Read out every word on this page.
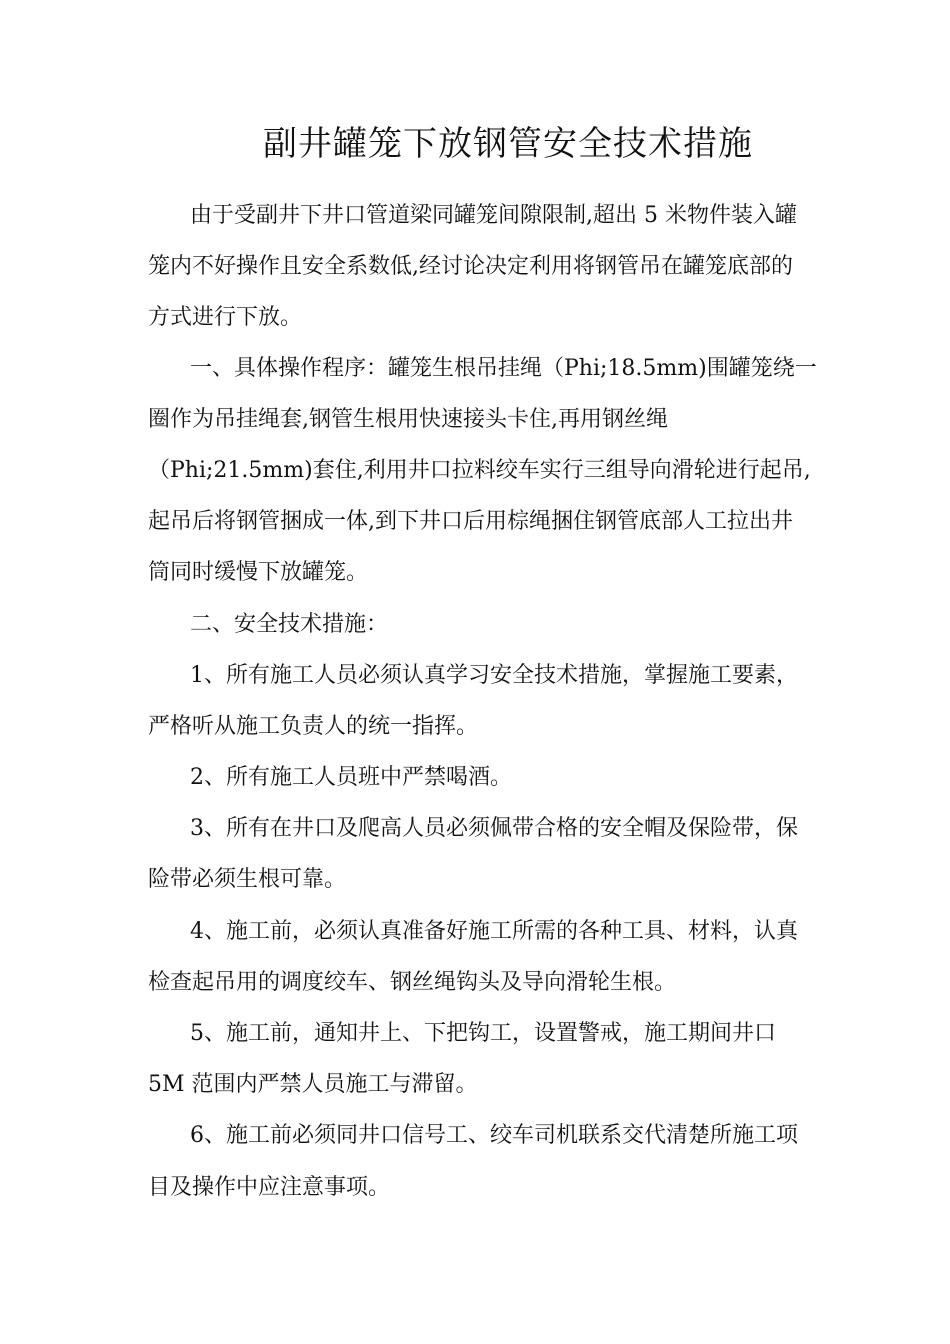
副井罐笼下放钢管安全技术措施
由于受副井下井口管道梁同罐笼间隙限制,超出 5 米物件装入罐
笼内不好操作且安全系数低,经讨论决定利用将钢管吊在罐笼底部的
方式进行下放。
一、具体操作程序：罐笼生根吊挂绳（Phi;18.5mm)围罐笼绕一
圈作为吊挂绳套,钢管生根用快速接头卡住,再用钢丝绳
（Phi;21.5mm)套住,利用井口拉料绞车实行三组导向滑轮进行起吊,
起吊后将钢管捆成一体,到下井口后用棕绳捆住钢管底部人工拉出井
筒同时缓慢下放罐笼。
二、安全技术措施：
1、所有施工人员必须认真学习安全技术措施，掌握施工要素，
严格听从施工负责人的统一指挥。
2、所有施工人员班中严禁喝酒。
3、所有在井口及爬高人员必须佩带合格的安全帽及保险带，保
险带必须生根可靠。
4、施工前，必须认真准备好施工所需的各种工具、材料，认真
检查起吊用的调度绞车、钢丝绳钩头及导向滑轮生根。
5、施工前，通知井上、下把钩工，设置警戒，施工期间井口
5M 范围内严禁人员施工与滞留。
6、施工前必须同井口信号工、绞车司机联系交代清楚所施工项
目及操作中应注意事项。
